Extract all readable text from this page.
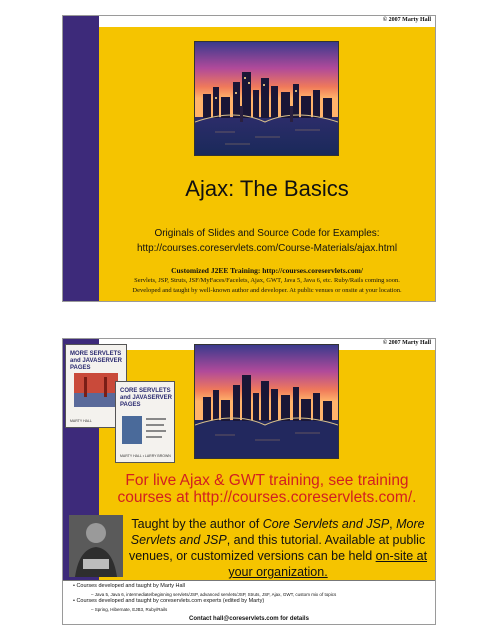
© 2007 Marty Hall
Ajax: The Basics
Originals of Slides and Source Code for Examples:
http://courses.coreservlets.com/Course-Materials/ajax.html
Customized J2EE Training: http://courses.coreservlets.com/
Servlets, JSP, Struts, JSF/MyFaces/Facelets, Ajax, GWT, Java 5, Java 6, etc. Ruby/Rails coming soon.
Developed and taught by well-known author and developer. At public venues or onsite at your location.
© 2007 Marty Hall
MORE SERVLETS and JAVASERVER PAGES
MARTY HALL
CORE SERVLETS and JAVASERVER PAGES
MARTY HALL • LARRY BROWN
For live Ajax & GWT training, see training
courses at http://courses.coreservlets.com/.
Taught by the author of Core Servlets and JSP, More Servlets and JSP, and this tutorial. Available at public venues, or customized versions can be held on-site at your organization.
• Courses developed and taught by Marty Hall
– Java 5, Java 6, intermediate/beginning servlets/JSP, advanced servlets/JSP, Struts, JSF, Ajax, GWT, custom mix of topics
• Courses developed and taught by coreservlets.com experts (edited by Marty)
– Spring, Hibernate, EJB3, Ruby/Rails
Contact hall@coreservlets.com for details
